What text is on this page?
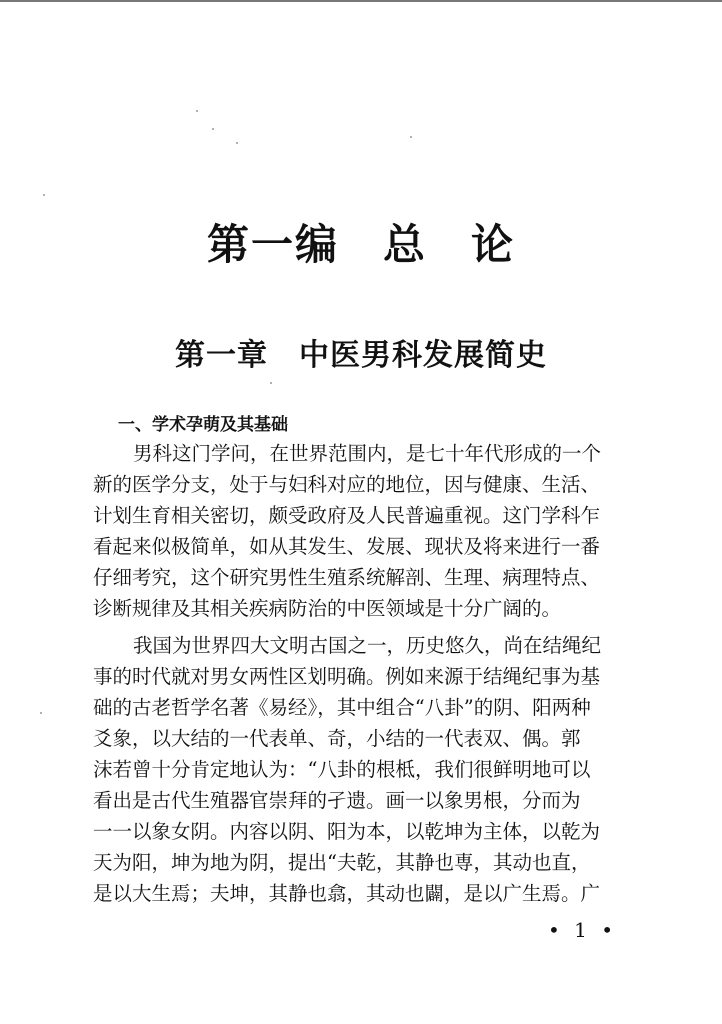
第一编　总　论
第一章　中医男科发展简史
一、学术孕萌及其基础
男科这门学问，在世界范围内，是七十年代形成的一个
新的医学分支，处于与妇科对应的地位，因与健康、生活、
计划生育相关密切，颇受政府及人民普遍重视。这门学科乍
看起来似极简单，如从其发生、发展、现状及将来进行一番
仔细考究，这个研究男性生殖系统解剖、生理、病理特点、
诊断规律及其相关疾病防治的中医领域是十分广阔的。
我国为世界四大文明古国之一，历史悠久，尚在结绳纪
事的时代就对男女两性区划明确。例如来源于结绳纪事为基
础的古老哲学名著《易经》，其中组合“八卦”的阴、阳两种
爻象，以大结的一代表单、奇，小结的一代表双、偶。郭
沫若曾十分肯定地认为：“八卦的根柢，我们很鲜明地可以
看出是古代生殖器官崇拜的孑遗。画一以象男根，分而为
一一以象女阴。内容以阴、阳为本，以乾坤为主体，以乾为
天为阳，坤为地为阴，提出“夫乾，其静也専，其动也直，
是以大生焉；夫坤，其静也翕，其动也闢，是以广生焉。广
• 1 •
